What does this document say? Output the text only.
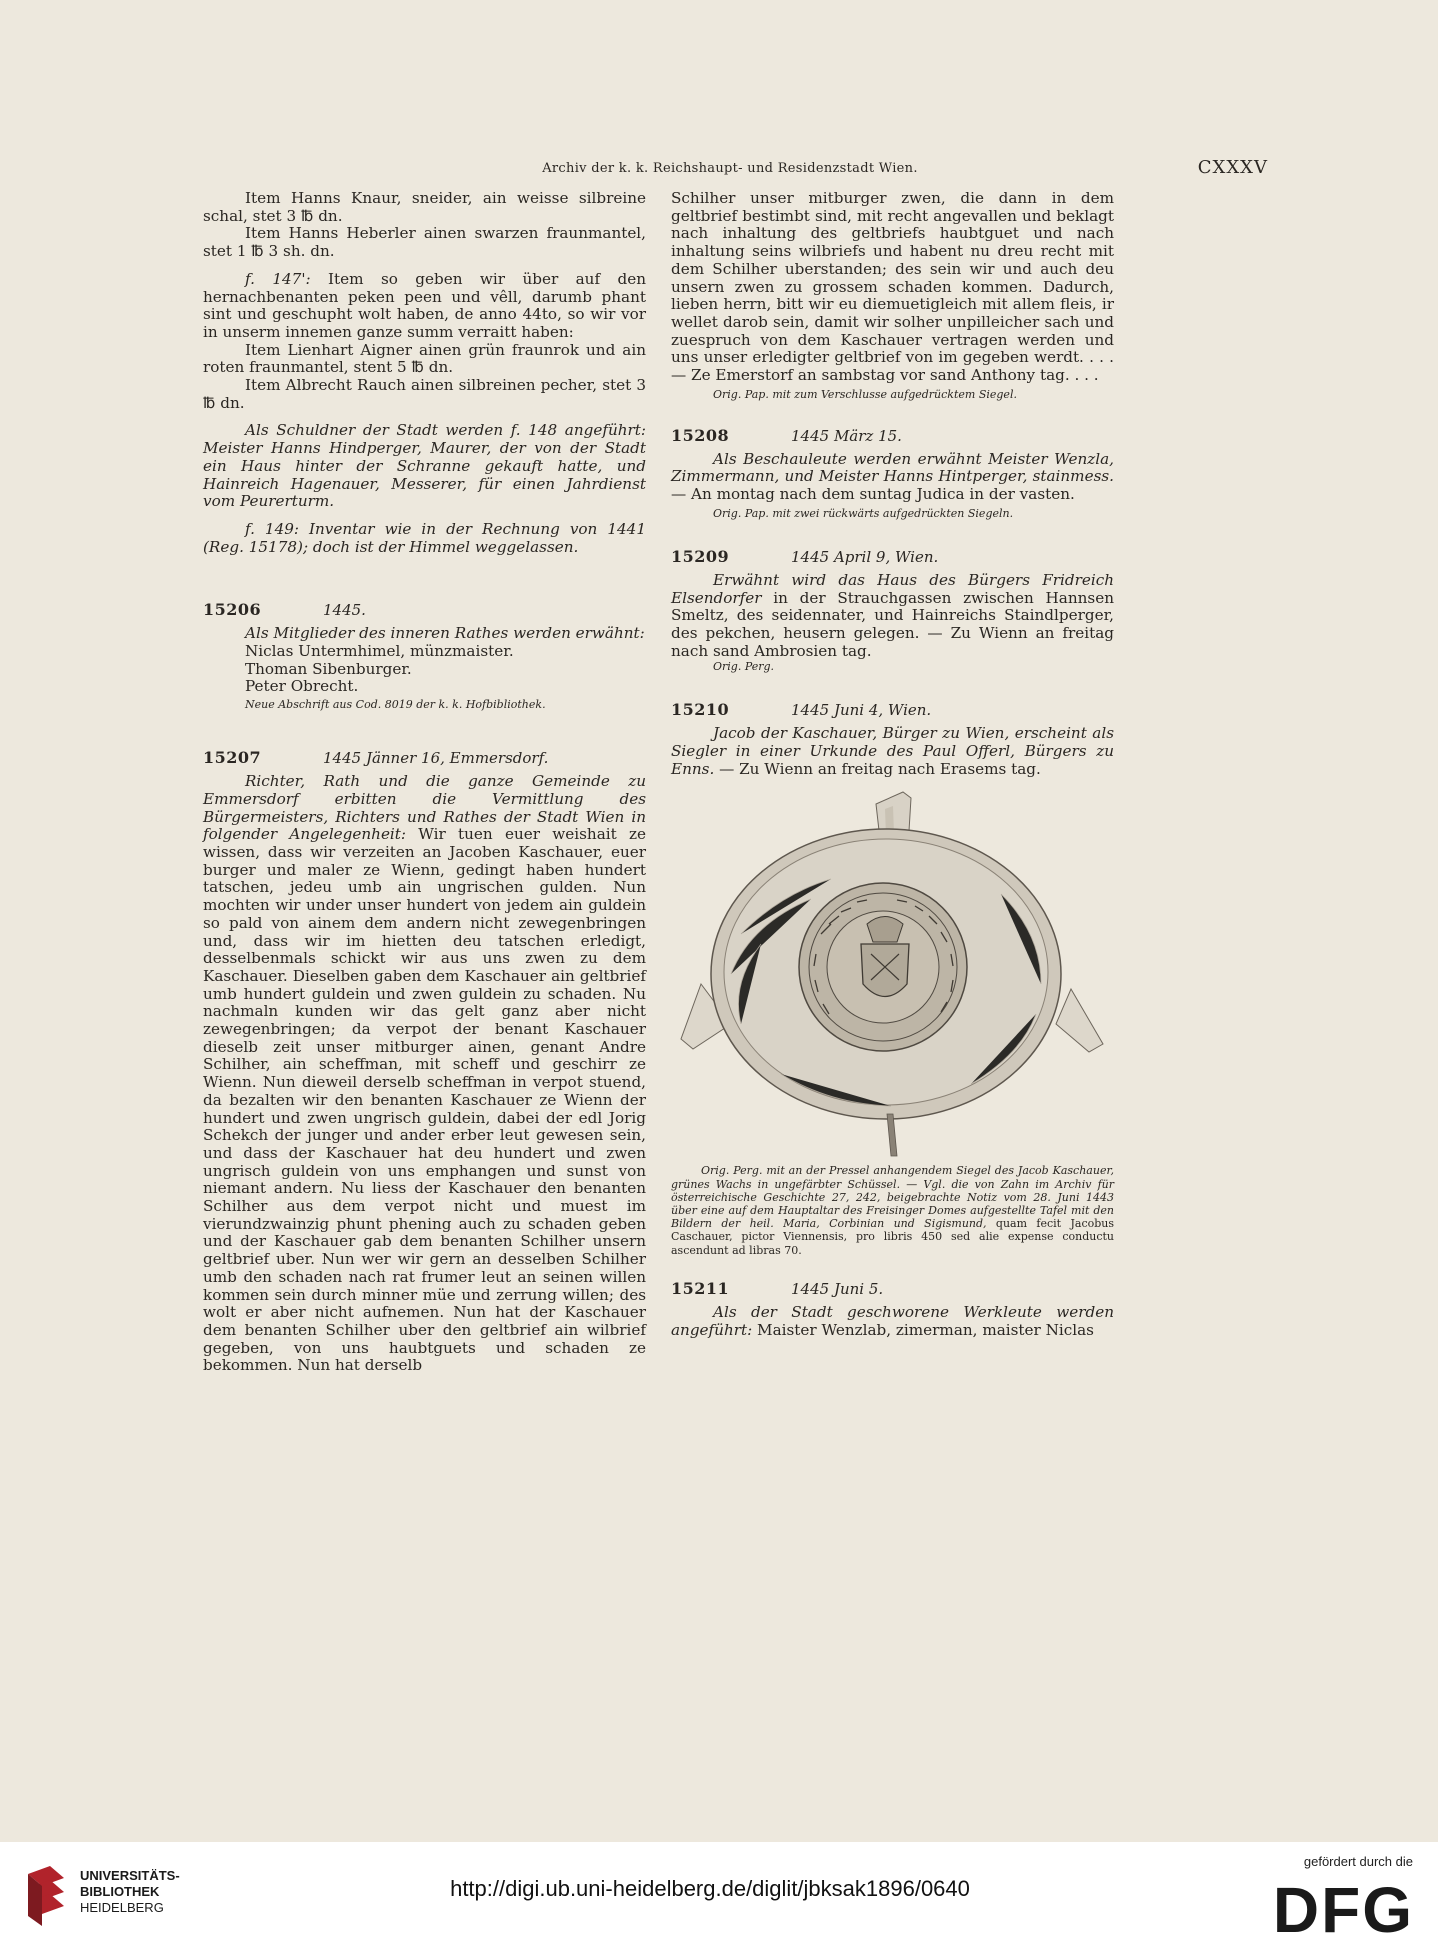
Archiv der k. k. Reichshaupt- und Residenzstadt Wien.	CXXXV

Item Hanns Knaur, sneider, ain weisse silbreine schal, stet 3 ℔ dn.

Item Hanns Heberler ainen swarzen fraunmantel, stet 1 ℔ 3 sh. dn.

f. 147': Item so geben wir über auf den hernachbenanten peken peen und vêll, darumb phant sint und geschupht wolt haben, de anno 44to, so wir vor in unserm innemen ganze summ verraitt haben:

Item Lienhart Aigner ainen grün fraunrok und ain roten fraunmantel, stent 5 ℔ dn.

Item Albrecht Rauch ainen silbreinen pecher, stet 3 ℔ dn.

Als Schuldner der Stadt werden f. 148 angeführt: Meister Hanns Hindperger, Maurer, der von der Stadt ein Haus hinter der Schranne gekauft hatte, und Hainreich Hagenauer, Messerer, für einen Jahrdienst vom Peurerturm.

f. 149: Inventar wie in der Rechnung von 1441 (Reg. 15178); doch ist der Himmel weggelassen.

15206	1445.

Als Mitglieder des inneren Rathes werden erwähnt:

Niclas Untermhimel, münzmaister.

Thoman Sibenburger.

Peter Obrecht.

Neue Abschrift aus Cod. 8019 der k. k. Hofbibliothek.

15207	1445 Jänner 16, Emmersdorf.

Richter, Rath und die ganze Gemeinde zu Emmersdorf erbitten die Vermittlung des Bürgermeisters, Richters und Rathes der Stadt Wien in folgender Angelegenheit: Wir tuen euer weishait ze wissen, dass wir verzeiten an Jacoben Kaschauer, euer burger und maler ze Wienn, gedingt haben hundert tatschen, jedeu umb ain ungrischen gulden. Nun mochten wir under unser hundert von jedem ain guldein so pald von ainem dem andern nicht zewegenbringen und, dass wir im hietten deu tatschen erledigt, desselbenmals schickt wir aus uns zwen zu dem Kaschauer. Dieselben gaben dem Kaschauer ain geltbrief umb hundert guldein und zwen guldein zu schaden. Nu nachmaln kunden wir das gelt ganz aber nicht zewegenbringen; da verpot der benant Kaschauer dieselb zeit unser mitburger ainen, genant Andre Schilher, ain scheffman, mit scheff und geschirr ze Wienn. Nun dieweil derselb scheffman in verpot stuend, da bezalten wir den benanten Kaschauer ze Wienn der hundert und zwen ungrisch guldein, dabei der edl Jorig Schekch der junger und ander erber leut gewesen sein, und dass der Kaschauer hat deu hundert und zwen ungrisch guldein von uns emphangen und sunst von niemant andern. Nu liess der Kaschauer den benanten Schilher aus dem verpot nicht und muest im vierundzwainzig phunt phening auch zu schaden geben und der Kaschauer gab dem benanten Schilher unsern geltbrief uber. Nun wer wir gern an desselben Schilher umb den schaden nach rat frumer leut an seinen willen kommen sein durch minner müe und zerrung willen; des wolt er aber nicht aufnemen. Nun hat der Kaschauer dem benanten Schilher uber den geltbrief ain wilbrief gegeben, von uns haubtguets und schaden ze bekommen. Nun hat derselb

Schilher unser mitburger zwen, die dann in dem geltbrief bestimbt sind, mit recht angevallen und beklagt nach inhaltung des geltbriefs haubtguet und nach inhaltung seins wilbriefs und habent nu dreu recht mit dem Schilher uberstanden; des sein wir und auch deu unsern zwen zu grossem schaden kommen. Dadurch, lieben herrn, bitt wir eu diemuetigleich mit allem fleis, ir wellet darob sein, damit wir solher unpilleicher sach und zuespruch von dem Kaschauer vertragen werden und uns unser erledigter geltbrief von im gegeben werdt. . . . — Ze Emerstorf an sambstag vor sand Anthony tag. . . .

Orig. Pap. mit zum Verschlusse aufgedrücktem Siegel.

15208	1445 März 15.

Als Beschauleute werden erwähnt Meister Wenzla, Zimmermann, und Meister Hanns Hintperger, stainmess. — An montag nach dem suntag Judica in der vasten.

Orig. Pap. mit zwei rückwärts aufgedrückten Siegeln.

15209	1445 April 9, Wien.

Erwähnt wird das Haus des Bürgers Fridreich Elsendorfer in der Strauchgassen zwischen Hannsen Smeltz, des seidennater, und Hainreichs Staindlperger, des pekchen, heusern gelegen. — Zu Wienn an freitag nach sand Ambrosien tag.

Orig. Perg.

15210	1445 Juni 4, Wien.

Jacob der Kaschauer, Bürger zu Wien, erscheint als Siegler in einer Urkunde des Paul Offerl, Bürgers zu Enns. — Zu Wienn an freitag nach Erasems tag.

Orig. Perg. mit an der Pressel anhangendem Siegel des Jacob Kaschauer, grünes Wachs in ungefärbter Schüssel. — Vgl. die von Zahn im Archiv für österreichische Geschichte 27, 242, beigebrachte Notiz vom 28. Juni 1443 über eine auf dem Hauptaltar des Freisinger Domes aufgestellte Tafel mit den Bildern der heil. Maria, Corbinian und Sigismund, quam fecit Jacobus Caschauer, pictor Viennensis, pro libris 450 sed alie expense conductu ascendunt ad libras 70.

15211	1445 Juni 5.

Als der Stadt geschworene Werkleute werden angeführt: Maister Wenzlab, zimerman, maister Niclas

UNIVERSITÄTS-
BIBLIOTHEK
HEIDELBERG
http://digi.ub.uni-heidelberg.de/diglit/jbksak1896/0640
gefördert durch die
DFG
